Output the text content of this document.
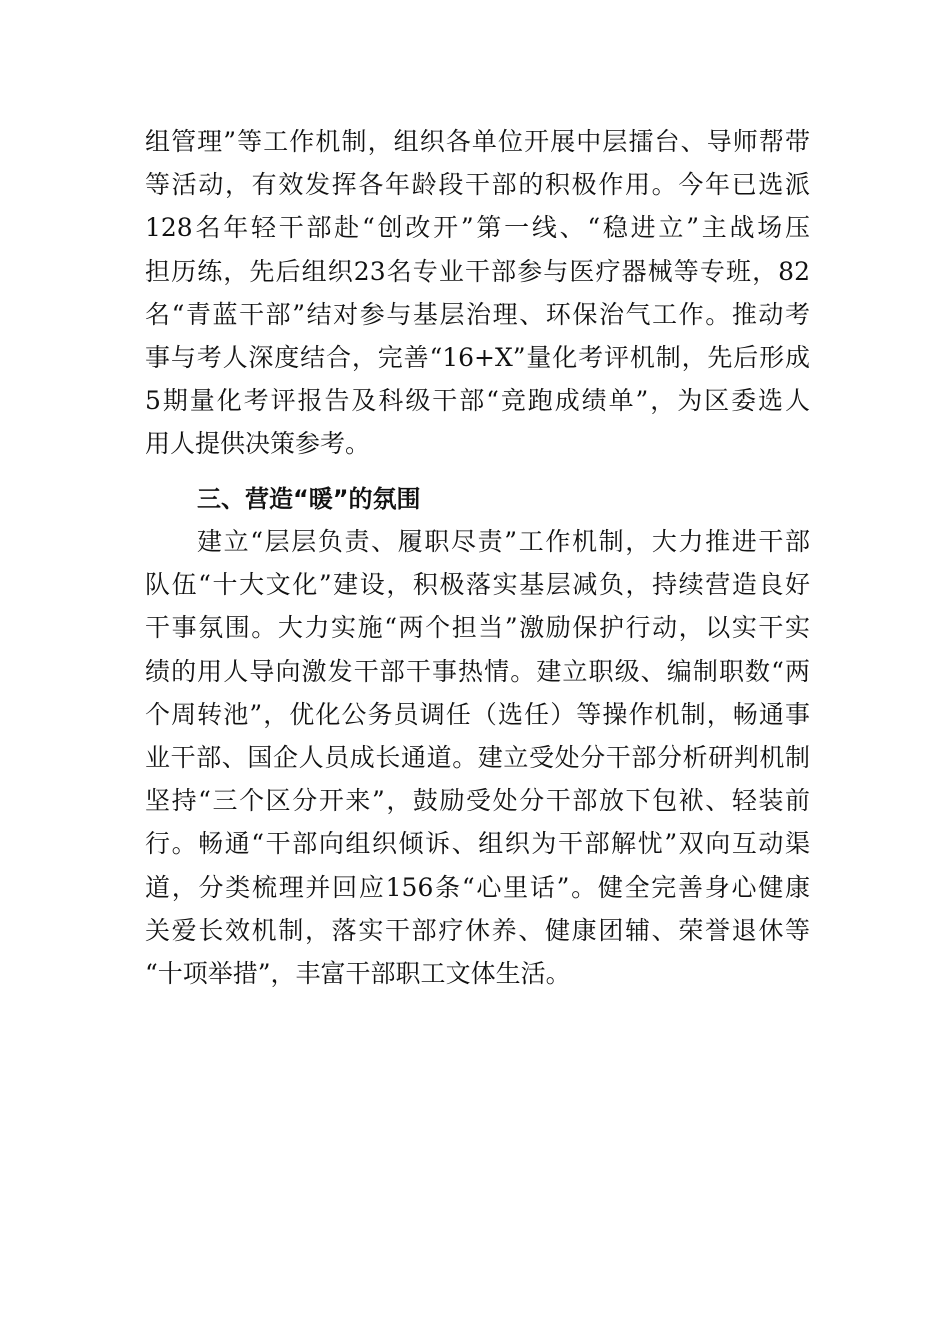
组管理”等工作机制，组织各单位开展中层擂台、导师帮带
等活动，有效发挥各年龄段干部的积极作用。今年已选派
128名年轻干部赴“创改开”第一线、“稳进立”主战场压
担历练，先后组织23名专业干部参与医疗器械等专班，82
名“青蓝干部”结对参与基层治理、环保治气工作。推动考
事与考人深度结合，完善“16+X”量化考评机制，先后形成
5期量化考评报告及科级干部“竞跑成绩单”，为区委选人
用人提供决策参考。
三、营造“暖”的氛围
建立“层层负责、履职尽责”工作机制，大力推进干部
队伍“十大文化”建设，积极落实基层减负，持续营造良好
干事氛围。大力实施“两个担当”激励保护行动，以实干实
绩的用人导向激发干部干事热情。建立职级、编制职数“两
个周转池”，优化公务员调任（选任）等操作机制，畅通事
业干部、国企人员成长通道。建立受处分干部分析研判机制
坚持“三个区分开来”，鼓励受处分干部放下包袱、轻装前
行。畅通“干部向组织倾诉、组织为干部解忧”双向互动渠
道，分类梳理并回应156条“心里话”。健全完善身心健康
关爱长效机制，落实干部疗休养、健康团辅、荣誉退休等
“十项举措”，丰富干部职工文体生活。
